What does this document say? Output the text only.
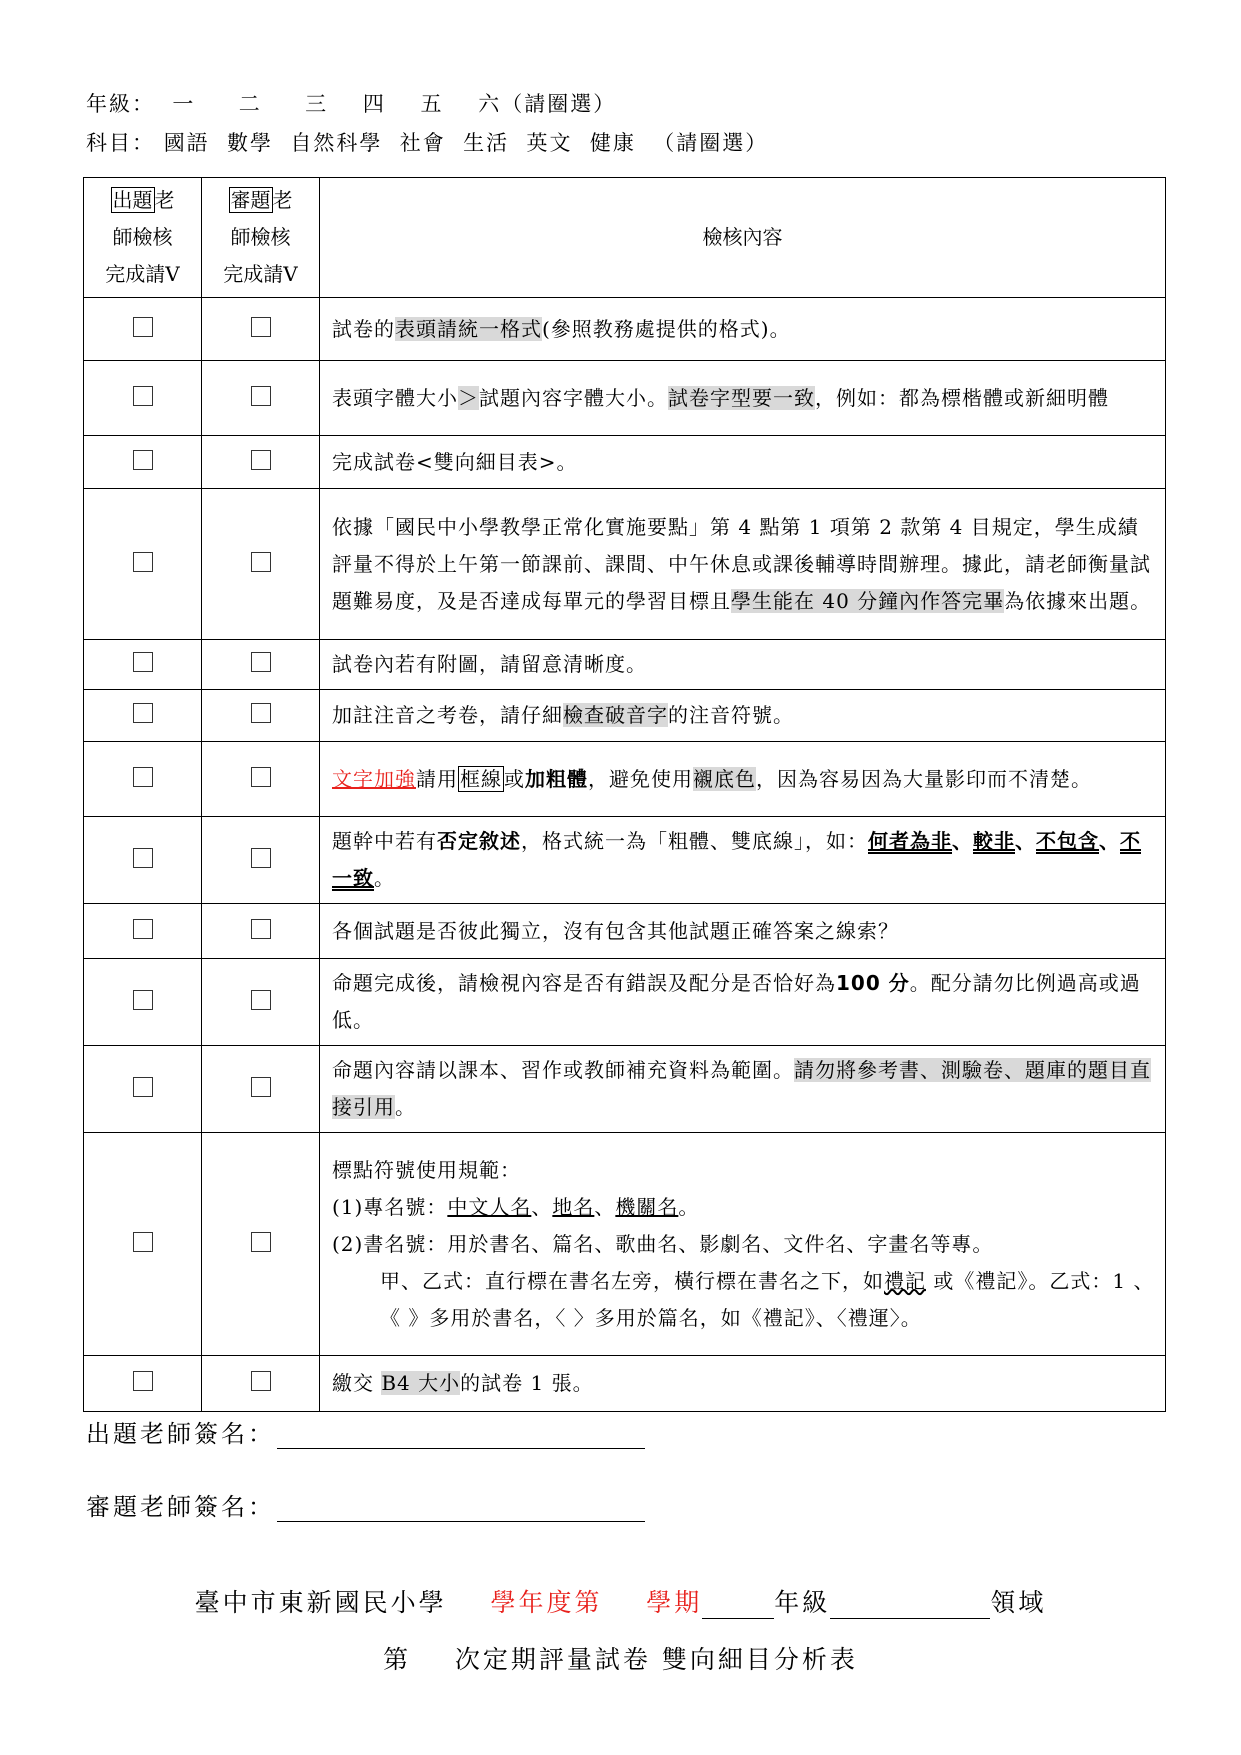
年級： 一 二 三 四 五 六（請圈選）
科目： 國語 數學 自然科學 社會 生活 英文 健康 （請圈選）
出題 老
師檢核
完成請Ⅴ	審題 老
師檢核
完成請Ⅴ	檢核內容
		試卷的表頭請統一格式(參照教務處提供的格式)。
		表頭字體大小＞試題內容字體大小。試卷字型要一致，例如：都為標楷體或新細明體
		完成試卷<雙向細目表>。
		依據「國民中小學教學正常化實施要點」第 4 點第 1 項第 2 款第 4 目規定，學生成績評量不得於上午第一節課前、課間、中午休息或課後輔導時間辦理。據此，請老師衡量試題難易度，及是否達成每單元的學習目標且學生能在 40 分鐘內作答完畢為依據來出題。
		試卷內若有附圖，請留意清晰度。
		加註注音之考卷，請仔細檢查破音字的注音符號。
		文字加強請用 框線 或加粗體，避免使用襯底色，因為容易因為大量影印而不清楚。
		題幹中若有否定敘述，格式統一為「粗體、雙底線」，如：何者為非、較非、不包含、不一致。
		各個試題是否彼此獨立，沒有包含其他試題正確答案之線索？
		命題完成後，請檢視內容是否有錯誤及配分是否恰好為100 分。配分請勿比例過高或過低。
		命題內容請以課本、習作或教師補充資料為範圍。請勿將參考書、測驗卷、題庫的題目直接引用。

		標點符號使用規範：
(1)專名號：中文人名、地名、機關名。
(2)書名號：用於書名、篇名、歌曲名、影劇名、文件名、字畫名等專。
甲、乙式：直行標在書名左旁，橫行標在書名之下，如禮記 或《禮記》。乙式：1 、《 》多用於書名，〈 〉多用於篇名，如《禮記》、〈禮運〉。

		繳交 B4 大小的試卷 1 張。
出題老師簽名：
審題老師簽名：
臺中市東新國民小學 學年度第 學期	年級	領域
第 次定期評量試卷 雙向細目分析表
